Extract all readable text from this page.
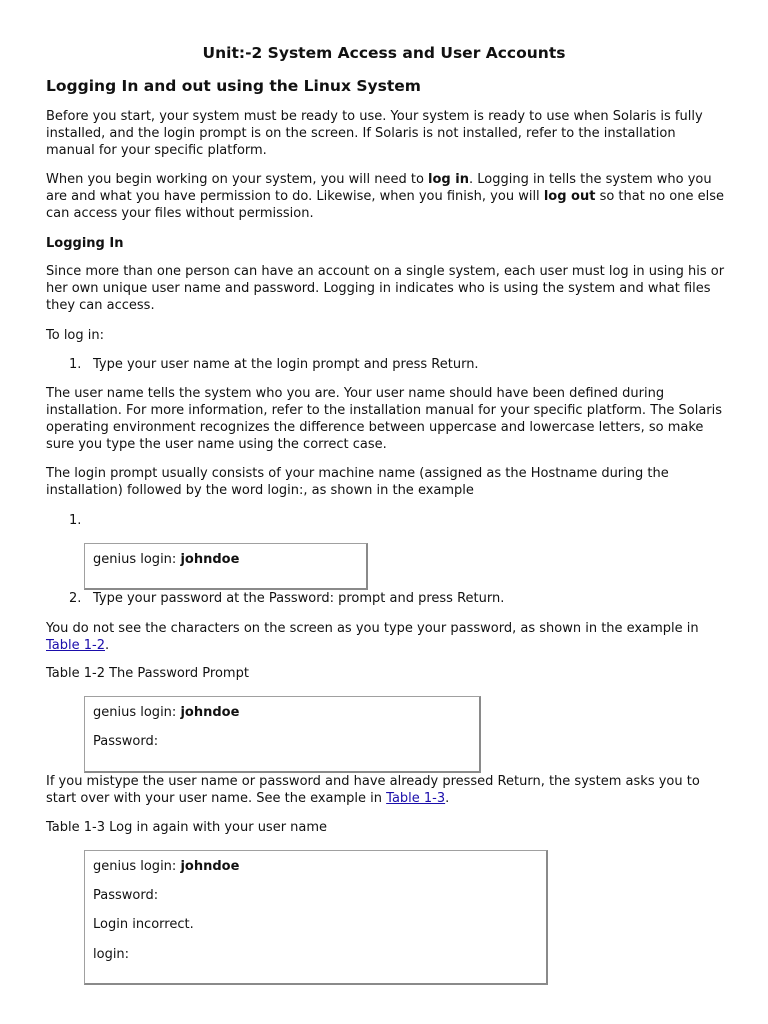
Unit:-2 System Access and User Accounts
Logging In and out using the Linux System

Before you start, your system must be ready to use. Your system is ready to use when Solaris is fully installed, and the login prompt is on the screen. If Solaris is not installed, refer to the installation manual for your specific platform.

When you begin working on your system, you will need to log in. Logging in tells the system who you are and what you have permission to do. Likewise, when you finish, you will log out so that no one else can access your files without permission.

Logging In

Since more than one person can have an account on a single system, each user must log in using his or her own unique user name and password. Logging in indicates who is using the system and what files they can access.

To log in:

1. Type your user name at the login prompt and press Return.

The user name tells the system who you are. Your user name should have been defined during installation. For more information, refer to the installation manual for your specific platform. The Solaris operating environment recognizes the difference between uppercase and lowercase letters, so make sure you type the user name using the correct case.

The login prompt usually consists of your machine name (assigned as the Hostname during the installation) followed by the word login:, as shown in the example

1.

genius login: johndoe

2. Type your password at the Password: prompt and press Return.

You do not see the characters on the screen as you type your password, as shown in the example in Table 1-2.

Table 1-2 The Password Prompt

genius login: johndoe

Password:

If you mistype the user name or password and have already pressed Return, the system asks you to start over with your user name. See the example in Table 1-3.

Table 1-3 Log in again with your user name

genius login: johndoe

Password:

Login incorrect.

login:
